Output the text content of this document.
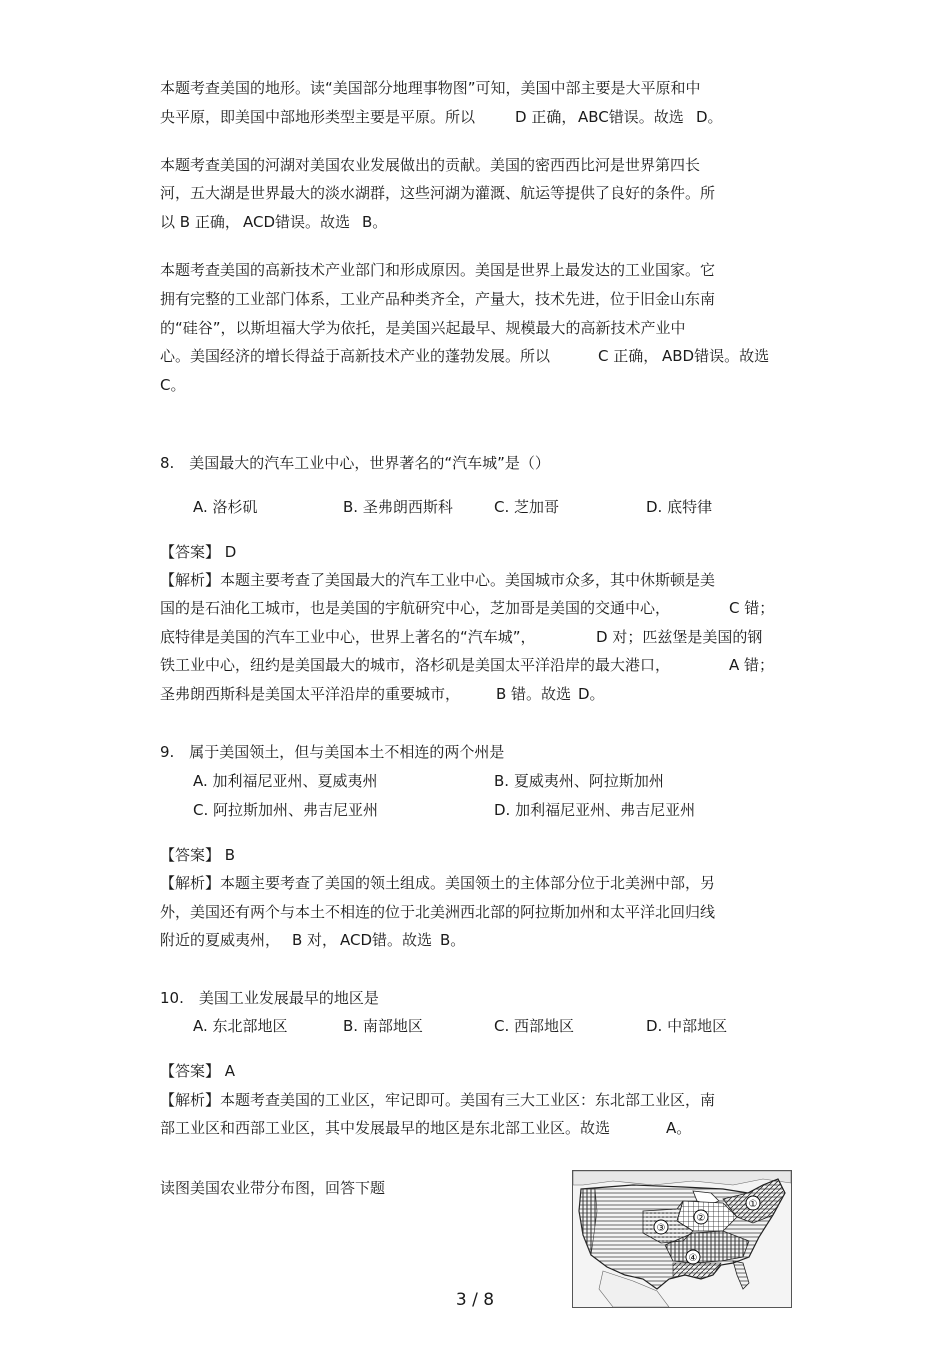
本题考查美国的地形。读“美国部分地理事物图”可知，美国中部主要是大平原和中
央平原，即美国中部地形类型主要是平原。所以	D 正确， ABC错误。故选 D。
本题考查美国的河湖对美国农业发展做出的贡献。美国的密西西比河是世界第四长
河，五大湖是世界最大的淡水湖群，这些河湖为灌溉、航运等提供了良好的条件。所
以 B 正确， ACD错误。故选 B。
本题考查美国的高新技术产业部门和形成原因。美国是世界上最发达的工业国家。它
拥有完整的工业部门体系，工业产品种类齐全，产量大，技术先进，位于旧金山东南
的“硅谷”，以斯坦福大学为依托，是美国兴起最早、规模最大的高新技术产业中
心。美国经济的增长得益于高新技术产业的蓬勃发展。所以	C 正确， ABD错误。故选
C。
8.　美国最大的汽车工业中心，世界著名的“汽车城”是（）
A. 洛杉矶	B. 圣弗朗西斯科	C. 芝加哥	D. 底特律
【答案】 D
【解析】本题主要考查了美国最大的汽车工业中心。美国城市众多，其中休斯顿是美
国的是石油化工城市，也是美国的宇航研究中心，芝加哥是美国的交通中心，	C 错；
底特律是美国的汽车工业中心，世界上著名的“汽车城”，	D 对；匹兹堡是美国的钢
铁工业中心，纽约是美国最大的城市，洛杉矶是美国太平洋沿岸的最大港口，	A 错；
圣弗朗西斯科是美国太平洋沿岸的重要城市， B 错。故选 D。
9.　属于美国领土，但与美国本土不相连的两个州是
A. 加利福尼亚州、夏威夷州	B. 夏威夷州、阿拉斯加州
C. 阿拉斯加州、弗吉尼亚州	D. 加利福尼亚州、弗吉尼亚州
【答案】 B
【解析】本题主要考查了美国的领土组成。美国领土的主体部分位于北美洲中部，另
外，美国还有两个与本土不相连的位于北美洲西北部的阿拉斯加州和太平洋北回归线
附近的夏威夷州， B 对， ACD错。故选 B。
10.　美国工业发展最早的地区是
A. 东北部地区	B. 南部地区	C. 西部地区	D. 中部地区
【答案】 A
【解析】本题考查美国的工业区，牢记即可。美国有三大工业区：东北部工业区，南
部工业区和西部工业区，其中发展最早的地区是东北部工业区。故选	A。
读图美国农业带分布图，回答下题
①
②
③
④
3 / 8
